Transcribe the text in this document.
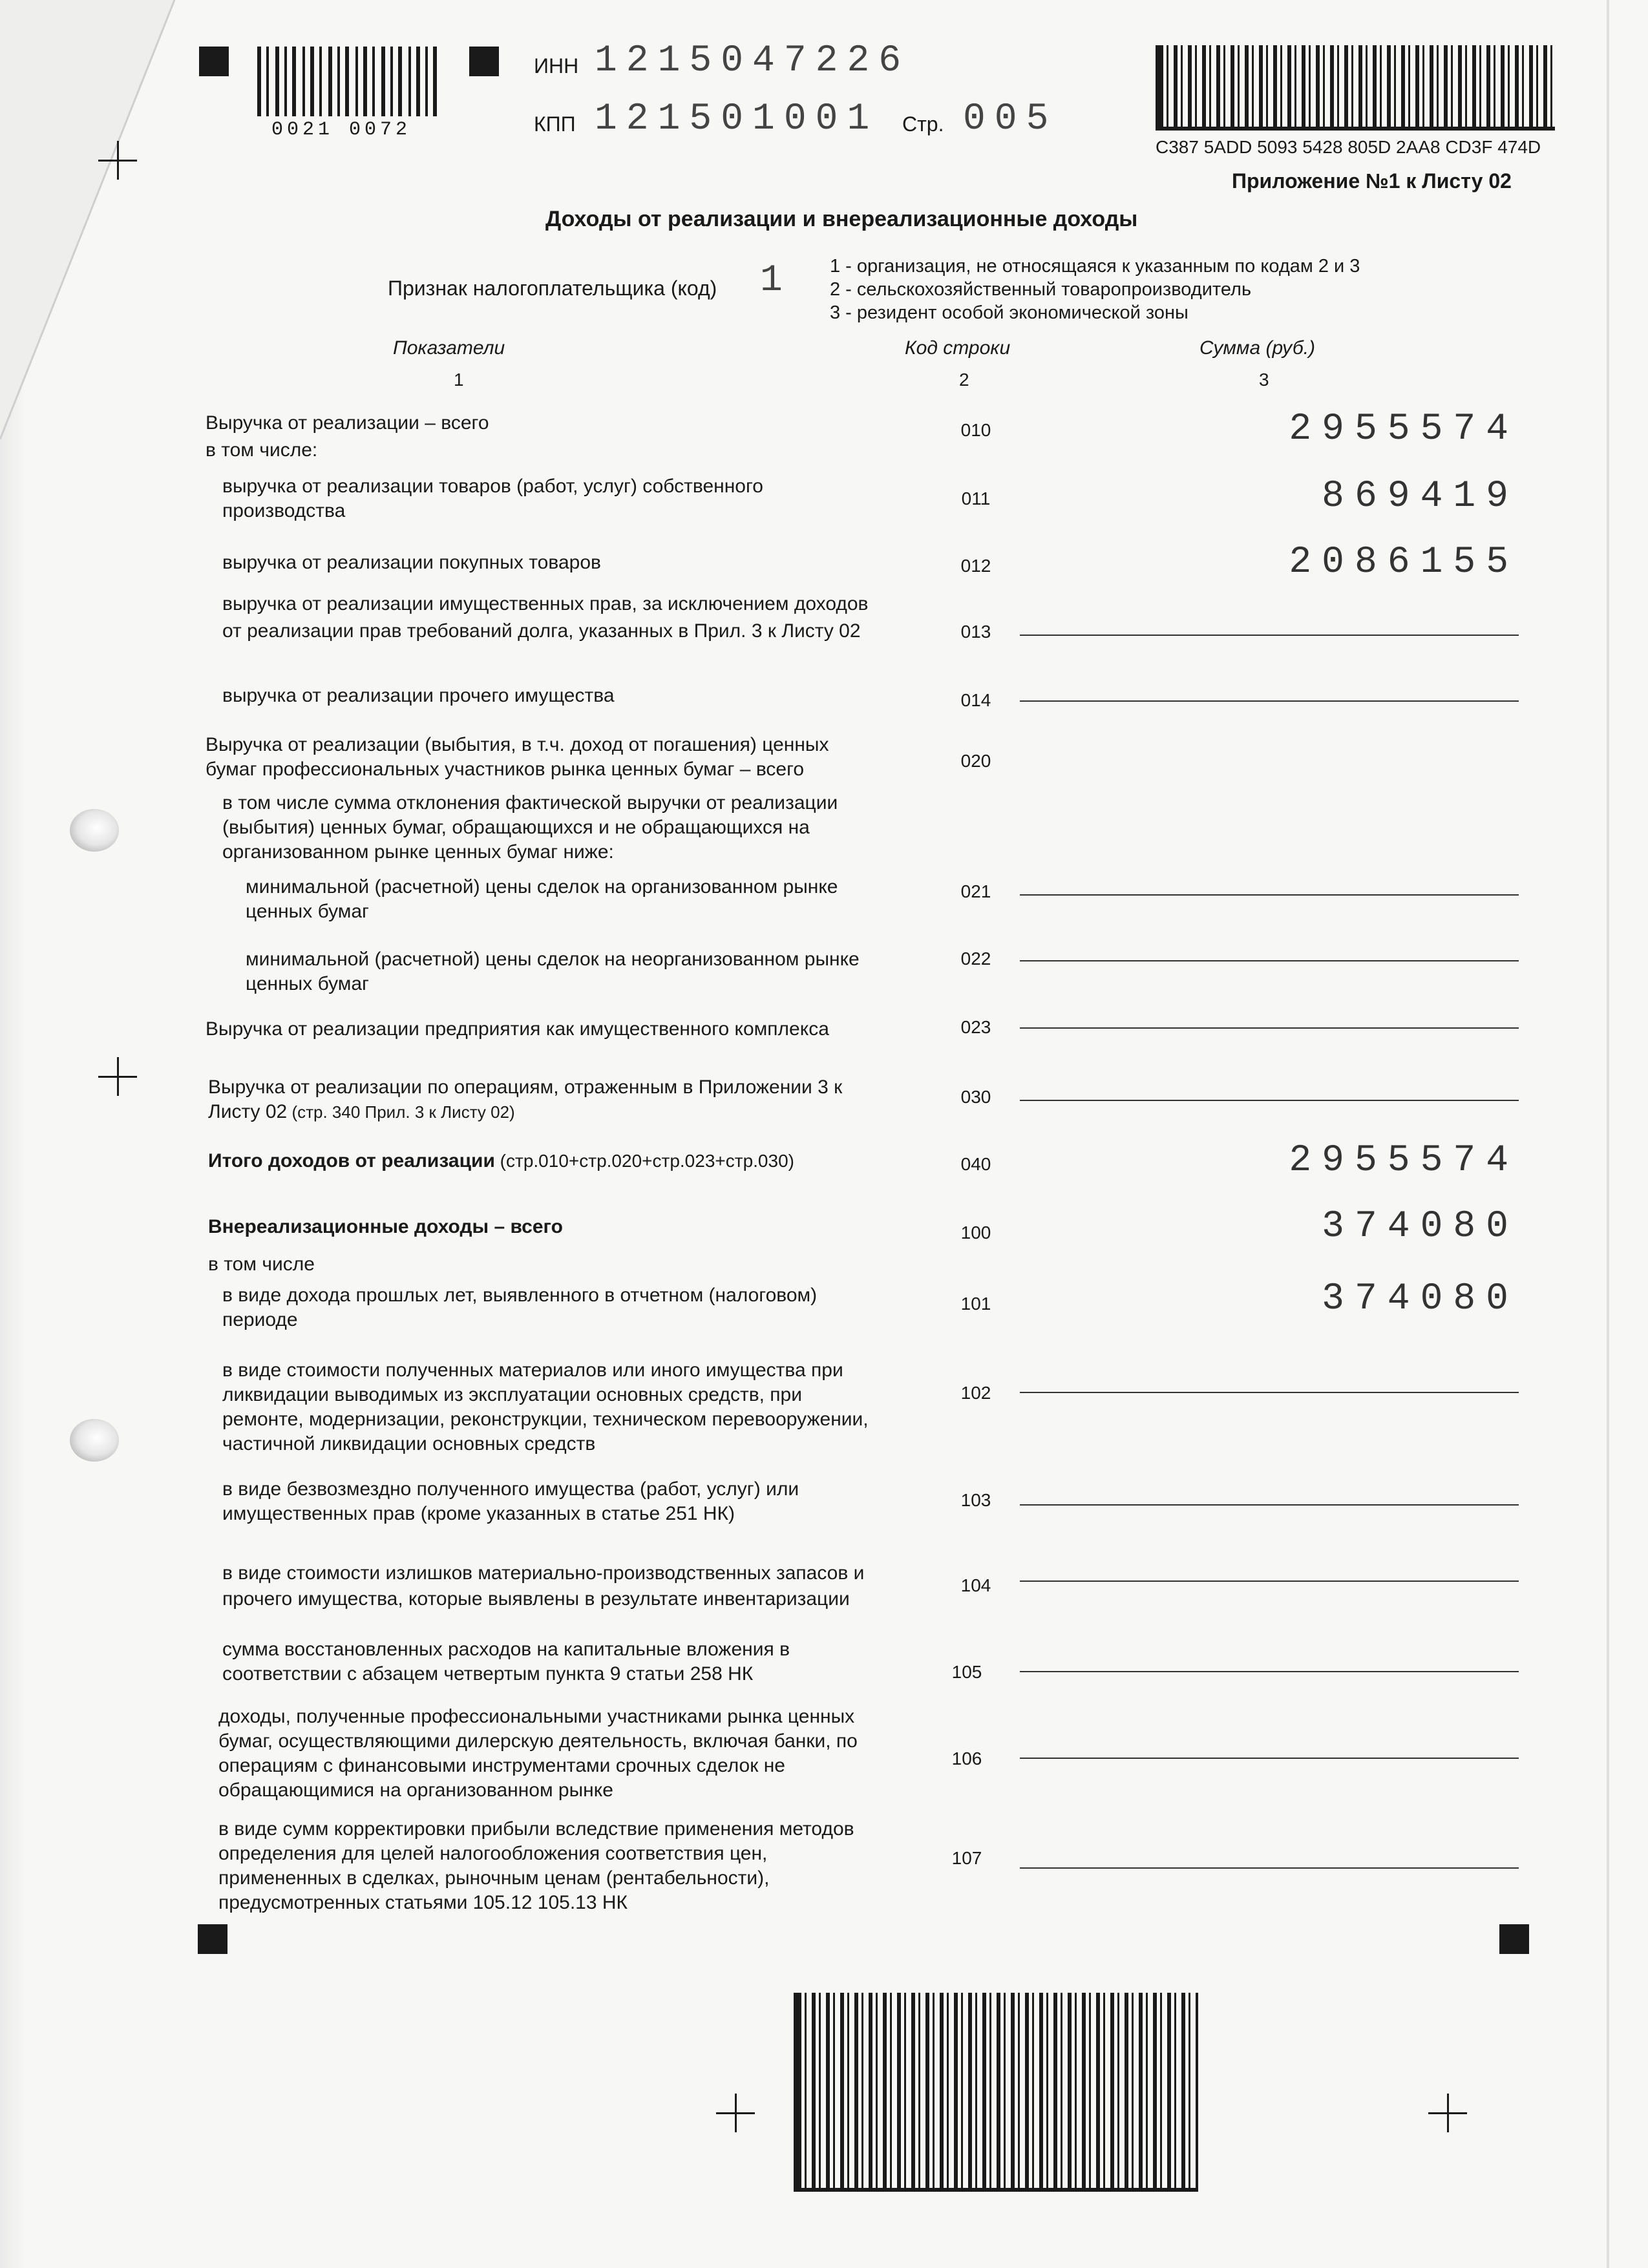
0021 0072
ИНН 1215047226
КПП 121501001 Стр. 005
C387 5ADD 5093 5428 805D 2AA8 CD3F 474D
Приложение №1 к Листу 02
Доходы от реализации и внереализационные доходы
Признак налогоплательщика (код) 1	1 - организация, не относящаяся к указанным по кодам 2 и 3
2 - сельскохозяйственный товаропроизводитель
3 - резидент особой экономической зоны
Показатели	Код строки	Сумма (руб.)
1	2	3
Выручка от реализации – всего
в том числе:
010	2955574
выручка от реализации товаров (работ, услуг) собственного
производства
011	869419
выручка от реализации покупных товаров	012	2086155
выручка от реализации имущественных прав, за исключением доходов
от реализации прав требований долга, указанных в Прил. 3 к Листу 02	013
выручка от реализации прочего имущества	014
Выручка от реализации (выбытия, в т.ч. доход от погашения) ценных
бумаг профессиональных участников рынка ценных бумаг – всего	020
в том числе сумма отклонения фактической выручки от реализации
(выбытия) ценных бумаг, обращающихся и не обращающихся на
организованном рынке ценных бумаг ниже:
минимальной (расчетной) цены сделок на организованном рынке
ценных бумаг
021
минимальной (расчетной) цены сделок на неорганизованном рынке
ценных бумаг
022
Выручка от реализации предприятия как имущественного комплекса	023
Выручка от реализации по операциям, отраженным в Приложении 3 к
Листу 02 (стр. 340 Прил. 3 к Листу 02)
030
Итого доходов от реализации (стр.010+стр.020+стр.023+стр.030)	040	2955574
Внереализационные доходы – всего
в том числе
100	374080
в виде дохода прошлых лет, выявленного в отчетном (налоговом)
периоде
101	374080
в виде стоимости полученных материалов или иного имущества при
ликвидации выводимых из эксплуатации основных средств, при
ремонте, модернизации, реконструкции, техническом перевооружении,
частичной ликвидации основных средств
102
в виде безвозмездно полученного имущества (работ, услуг) или
имущественных прав (кроме указанных в статье 251 НК)
103
в виде стоимости излишков материально-производственных запасов и
прочего имущества, которые выявлены в результате инвентаризации
104
сумма восстановленных расходов на капитальные вложения в
соответствии с абзацем четвертым пункта 9 статьи 258 НК	105
доходы, полученные профессиональными участниками рынка ценных
бумаг, осуществляющими дилерскую деятельность, включая банки, по
операциям с финансовыми инструментами срочных сделок не
обращающимися на организованном рынке
106
в виде сумм корректировки прибыли вследствие применения методов
определения для целей налогообложения соответствия цен,
примененных в сделках, рыночным ценам (рентабельности),
предусмотренных статьями 105.12 105.13 НК
107
